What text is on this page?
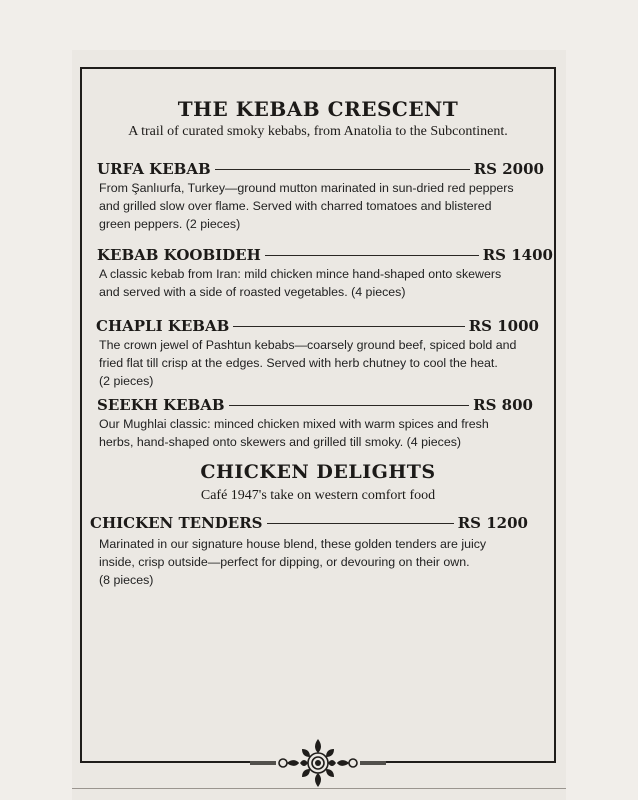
THE KEBAB CRESCENT
A trail of curated smoky kebabs, from Anatolia to the Subcontinent.
URFA KEBAB	RS 2000
From Şanlıurfa, Turkey—ground mutton marinated in sun-dried red peppers
and grilled slow over flame. Served with charred tomatoes and blistered
green peppers. (2 pieces)
KEBAB KOOBIDEH	RS 1400
A classic kebab from Iran: mild chicken mince hand-shaped onto skewers
and served with a side of roasted vegetables. (4 pieces)
CHAPLI KEBAB	RS 1000
The crown jewel of Pashtun kebabs—coarsely ground beef, spiced bold and
fried flat till crisp at the edges. Served with herb chutney to cool the heat.
(2 pieces)
SEEKH KEBAB	RS 800
Our Mughlai classic: minced chicken mixed with warm spices and fresh
herbs, hand-shaped onto skewers and grilled till smoky. (4 pieces)
CHICKEN DELIGHTS
Café 1947's take on western comfort food
CHICKEN TENDERS	RS 1200
Marinated in our signature house blend, these golden tenders are juicy
inside, crisp outside—perfect for dipping, or devouring on their own.
(8 pieces)
